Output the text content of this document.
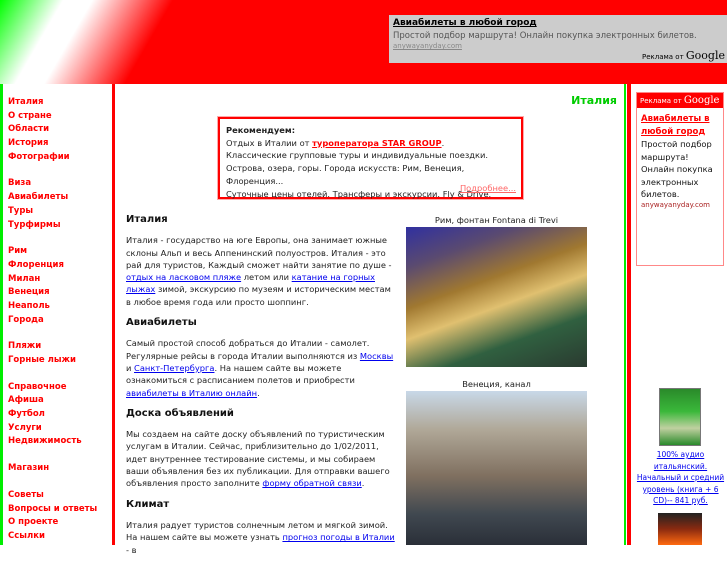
Авиабилеты в любой город
Простой подбор маршрута! Онлайн покупка электронных билетов.
anywayanyday.com
Реклама от Google
Италия
О стране
Области
История
Фотографии
Виза
Авиабилеты
Туры
Турфирмы
Рим
Флоренция
Милан
Венеция
Неаполь
Города
Пляжи
Горные лыжи
Справочное
Афиша
Футбол
Услуги
Недвижимость
Магазин
Советы
Вопросы и ответы
О проекте
Ссылки
Италия
Рекомендуем:
Отдых в Италии от туроператора STAR GROUP.
Классические групповые туры и индивидуальные поездки.
Острова, озера, горы. Города искусств: Рим, Венеция, Флоренция...
Суточные цены отелей. Трансферы и экскурсии. Fly & Drive.
Подробнее...
Италия

Италия - государство на юге Европы, она занимает южные склоны Альп и весь Аппенинский полуостров. Италия - это рай для туристов, Каждый сможет найти занятие по душе - отдых на ласковом пляже летом или катание на горных лыжах зимой, экскурсию по музеям и историческим местам в любое время года или просто шоппинг.

Авиабилеты

Самый простой способ добраться до Италии - самолет. Регулярные рейсы в города Италии выполняются из Москвы и Санкт-Петербурга. На нашем сайте вы можете ознакомиться с расписанием полетов и приобрести авиабилеты в Италию онлайн.

Доска объявлений

Мы создаем на сайте доску объявлений по туристическим услугам в Италии. Сейчас, приблизительно до 1/02/2011, идет внутреннее тестирование системы, и мы собираем ваши объявления без их публикации. Для отправки вашего объявления просто заполните форму обратной связи.

Климат

Италия радует туристов солнечным летом и мягкой зимой. На нашем сайте вы можете узнать прогноз погоды в Италии - в

Рим, фонтан Fontana di Trevi
Венеция, канал
Реклама от Google
Авиабилеты в любой город
Простой подбор маршрута! Онлайн покупка электронных билетов.
anywayanyday.com
100% аудио итальянский. Начальный и средний уровень (книга + 6 CD)-- 841 руб.
